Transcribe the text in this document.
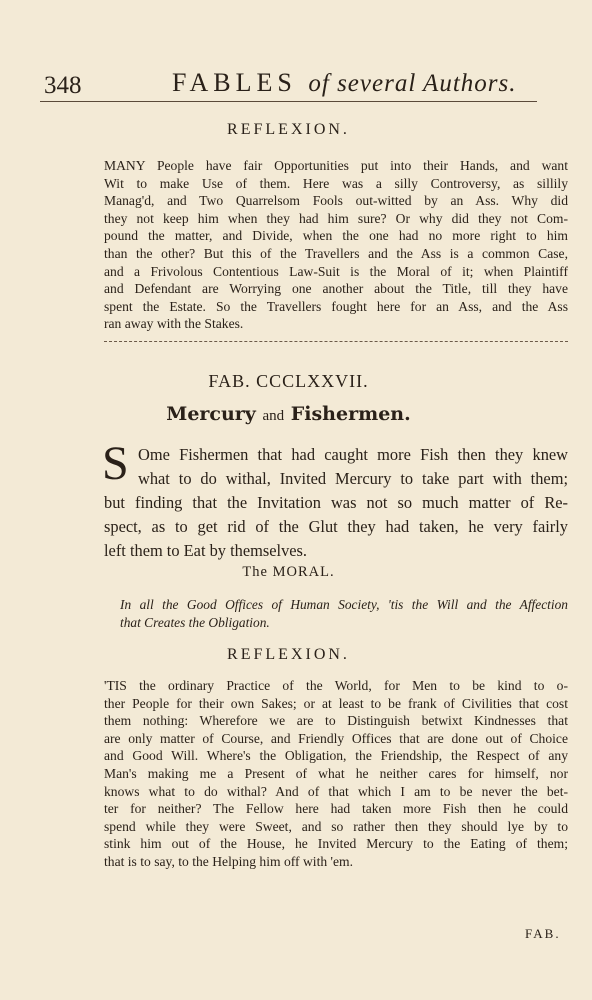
348	FABLES of several Authors.
REFLEXION.
MANY People have fair Opportunities put into their Hands, and want
Wit to make Use of them. Here was a silly Controversy, as sillily
Manag'd, and Two Quarrelsom Fools out-witted by an Ass. Why did
they not keep him when they had him sure? Or why did they not Com-
pound the matter, and Divide, when the one had no more right to him
than the other? But this of the Travellers and the Ass is a common Case,
and a Frivolous Contentious Law-Suit is the Moral of it; when Plaintiff
and Defendant are Worrying one another about the Title, till they have
spent the Estate. So the Travellers fought here for an Ass, and the Ass
ran away with the Stakes.
FAB. CCCLXXVII.
Mercury and Fishermen.
S Ome Fishermen that had caught more Fish then they knew
what to do withal, Invited Mercury to take part with them;
but finding that the Invitation was not so much matter of Re-
spect, as to get rid of the Glut they had taken, he very fairly
left them to Eat by themselves.
The MORAL.
In all the Good Offices of Human Society, 'tis the Will and the Affection
that Creates the Obligation.
REFLEXION.
'TIS the ordinary Practice of the World, for Men to be kind to o-
ther People for their own Sakes; or at least to be frank of Civilities that cost
them nothing: Wherefore we are to Distinguish betwixt Kindnesses that
are only matter of Course, and Friendly Offices that are done out of Choice
and Good Will. Where's the Obligation, the Friendship, the Respect of any
Man's making me a Present of what he neither cares for himself, nor
knows what to do withal? And of that which I am to be never the bet-
ter for neither? The Fellow here had taken more Fish then he could
spend while they were Sweet, and so rather then they should lye by to
stink him out of the House, he Invited Mercury to the Eating of them;
that is to say, to the Helping him off with 'em.
FAB.
